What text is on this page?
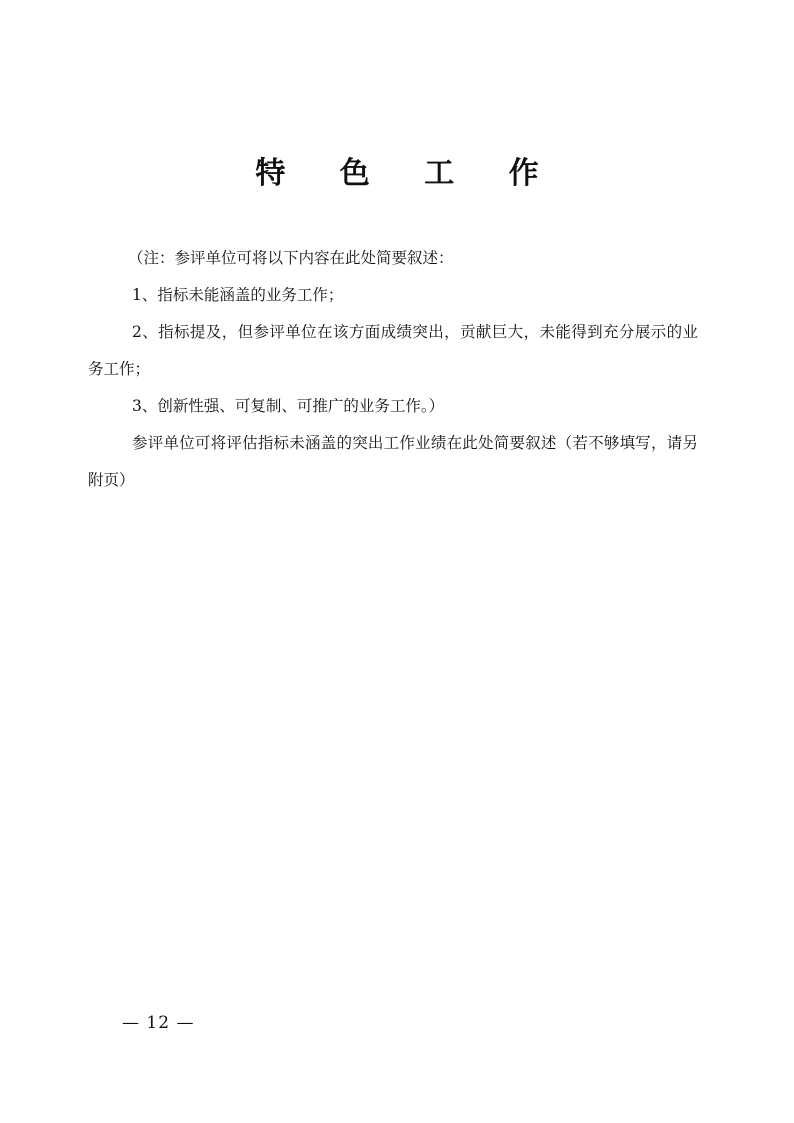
特 色 工 作

（注：参评单位可将以下内容在此处简要叙述：

1、指标未能涵盖的业务工作；

2、指标提及，但参评单位在该方面成绩突出，贡献巨大，未能得到充分展示的业务工作；

3、创新性强、可复制、可推广的业务工作。）

参评单位可将评估指标未涵盖的突出工作业绩在此处简要叙述（若不够填写，请另附页）

— 12 —
